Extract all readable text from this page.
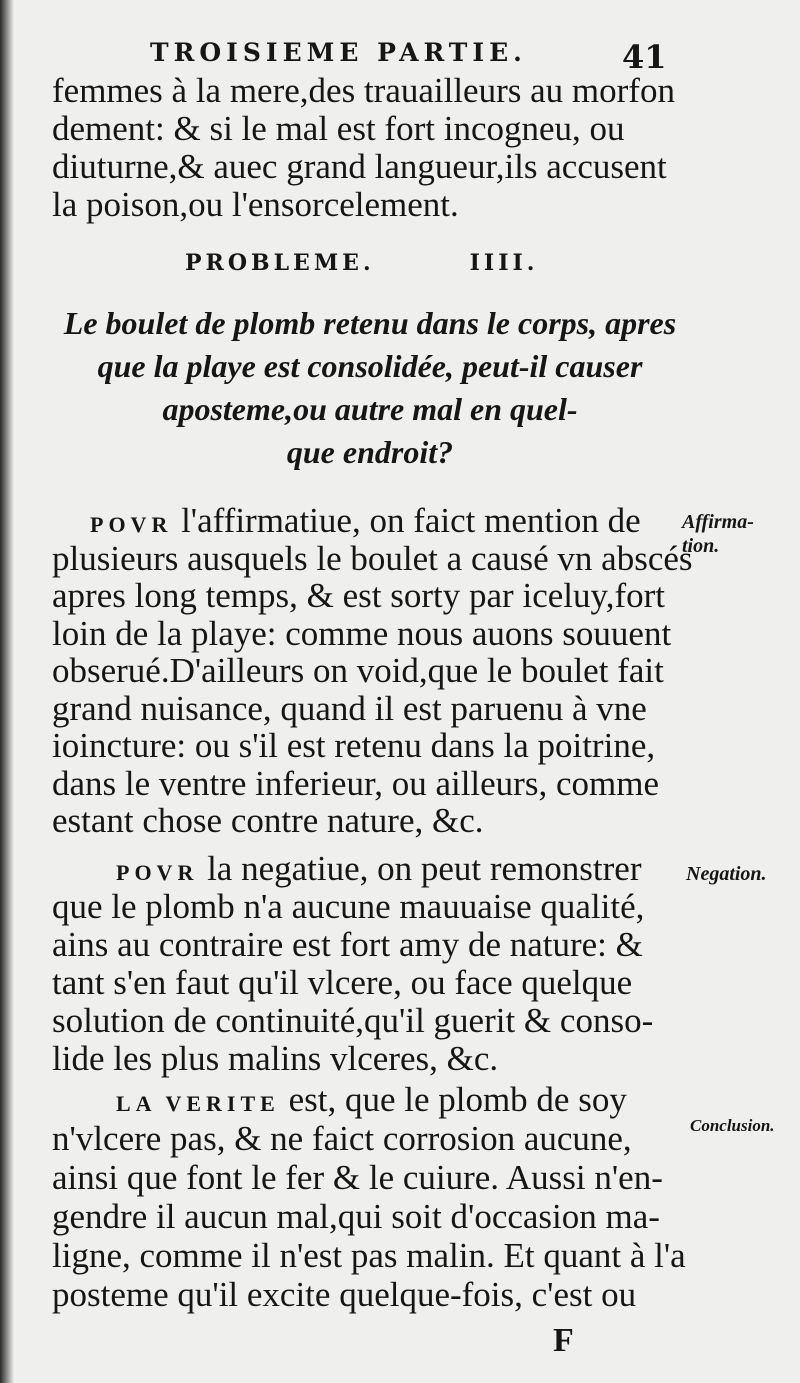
TROISIEME PARTIE.	41
femmes à la mere,des trauailleurs au morfon
dement: & si le mal est fort incogneu, ou
diuturne,& auec grand langueur,ils accusent
la poison,ou l'ensorcelement.
PROBLEME.	IIII.
Le boulet de plomb retenu dans le corps, apres
que la playe est consolidée, peut-il causer
aposteme,ou autre mal en quel-
que endroit?
POVR l'affirmatiue, on faict mention de
plusieurs ausquels le boulet a causé vn abscés
apres long temps, & est sorty par iceluy,fort
loin de la playe: comme nous auons souuent
obserué.D'ailleurs on void,que le boulet fait
grand nuisance, quand il est paruenu à vne
ioincture: ou s'il est retenu dans la poitrine,
dans le ventre inferieur, ou ailleurs, comme
estant chose contre nature, &c.
POVR la negatiue, on peut remonstrer
que le plomb n'a aucune mauuaise qualité,
ains au contraire est fort amy de nature: &
tant s'en faut qu'il vlcere, ou face quelque
solution de continuité,qu'il guerit & conso-
lide les plus malins vlceres, &c.
LA VERITE est, que le plomb de soy
n'vlcere pas, & ne faict corrosion aucune,
ainsi que font le fer & le cuiure. Aussi n'en-
gendre il aucun mal,qui soit d'occasion ma-
ligne, comme il n'est pas malin. Et quant à l'a
posteme qu'il excite quelque-fois, c'est ou
Affirma-
tion.
Negation.
Conclusion.
F
